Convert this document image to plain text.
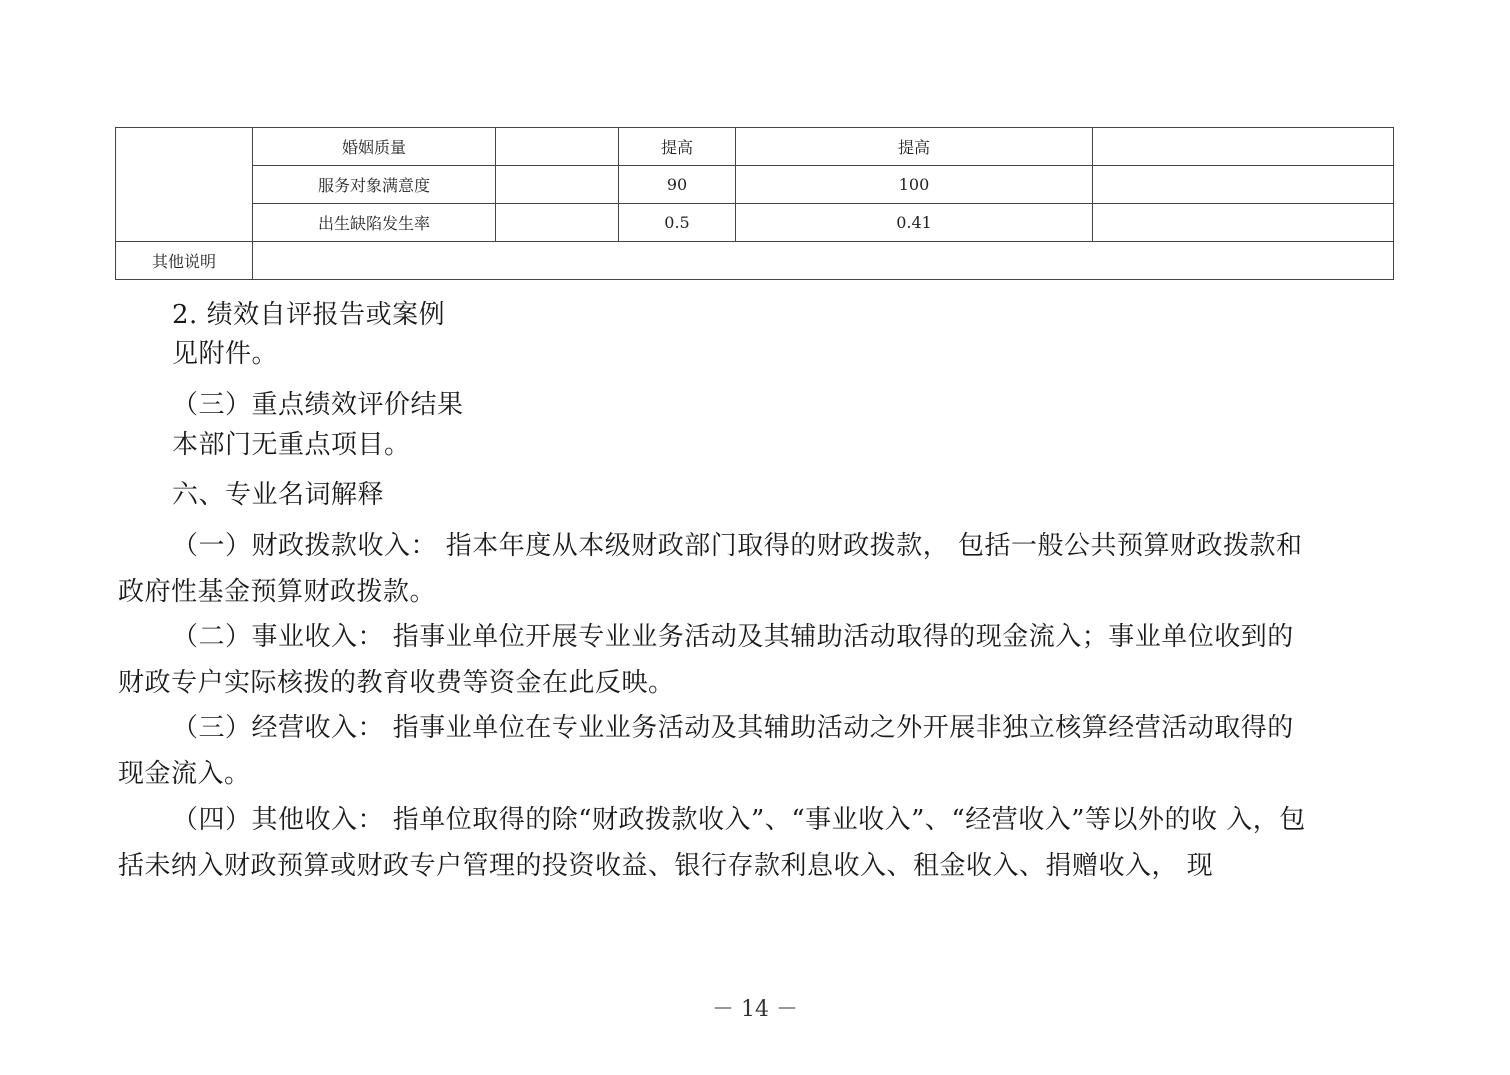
	婚姻质量		提高	提高	
	服务对象满意度		90	100	
	出生缺陷发生率		0.5	0.41	
其他说明					
2. 绩效自评报告或案例
见附件。
（三）重点绩效评价结果
本部门无重点项目。
六、专业名词解释
（一）财政拨款收入： 指本年度从本级财政部门取得的财政拨款， 包括一般公共预算财政拨款和
政府性基金预算财政拨款。
（二）事业收入： 指事业单位开展专业业务活动及其辅助活动取得的现金流入；事业单位收到的
财政专户实际核拨的教育收费等资金在此反映。
（三）经营收入： 指事业单位在专业业务活动及其辅助活动之外开展非独立核算经营活动取得的
现金流入。
（四）其他收入： 指单位取得的除“财政拨款收入”、“事业收入”、“经营收入”等以外的收 入，包
括未纳入财政预算或财政专户管理的投资收益、银行存款利息收入、租金收入、捐赠收入， 现
－ 14 －
